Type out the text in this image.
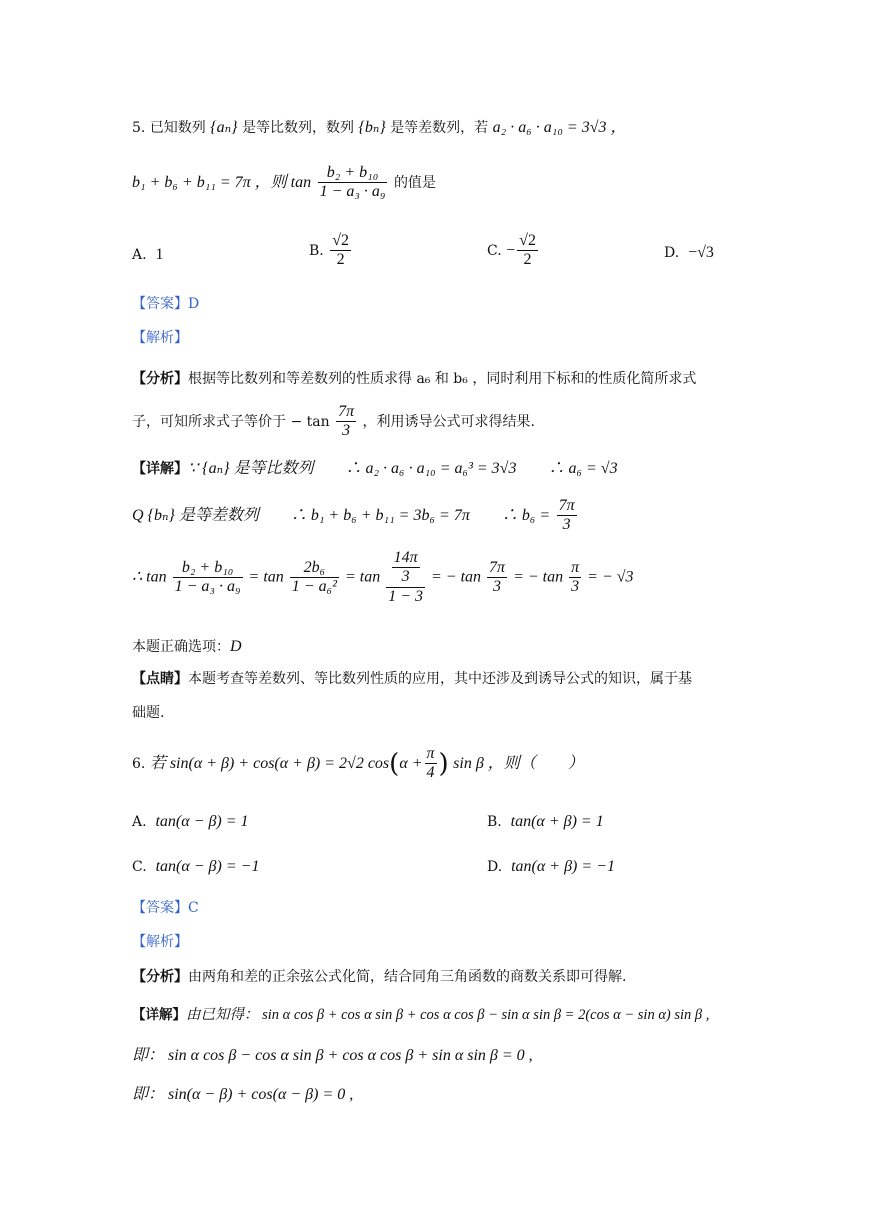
5. 已知数列 {aₙ} 是等比数列，数列 {bₙ} 是等差数列，若 a₂ · a₆ · a₁₀ = 3√3 ，
b₁ + b₆ + b₁₁ = 7π ，则 $\tan \frac{\text{b₂ + b₁₀}}{\text{1 − a₃ · a₉}}$ 的值是
A. 1	B. $\frac{√2}{2}$	C. − $\frac{√2}{2}$	D. −√3
【答案】D
【解析】
【分析】根据等比数列和等差数列的性质求得 a₆ 和 b₆ ，同时利用下标和的性质化简所求式
子，可知所求式子等价于 − $\tan \frac{7\pi}{3}$ ，利用诱导公式可求得结果.
【详解】∵ {aₙ} 是等比数列　　∴ a₂ · a₆ · a₁₀ = a₆³ = 3√3　　∴ a₆ = √3
Q {bₙ} 是等差数列　　∴ b₁ + b₆ + b₁₁ = 3b₆ = 7π　　∴ $b_6 = \frac{7\pi}{3}$
∴ $\tan \frac{\text{b₂ + b₁₀}}{\text{1 − a₃ · a₉}} = \tan \frac{\text{2b₆}}{\text{1 − a₆²}} = \tan \frac{\frac{14\pi}{3}}{1 - 3}$ = − $\tan \frac{7\pi}{3}$ = − $\tan \frac{\pi}{3}$ = − √3
本题正确选项：D
【点睛】本题考查等差数列、等比数列性质的应用，其中还涉及到诱导公式的知识，属于基
础题.
6. 若 sin(α + β) + cos(α + β) = 2√2 $\cos(\alpha + \frac{\pi}{4}$ ) sin β ，则（　　）
A. tan(α − β) = 1	B. tan(α + β) = 1
C. tan(α − β) = −1	D. tan(α + β) = −1
【答案】C
【解析】
【分析】由两角和差的正余弦公式化简，结合同角三角函数的商数关系即可得解.
【详解】由已知得： sin α cos β + cos α sin β + cos α cos β − sin α sin β = 2(cos α − sin α) sin β ,
即： sin α cos β − cos α sin β + cos α cos β + sin α sin β = 0 ,
即： sin(α − β) + cos(α − β) = 0 ,
